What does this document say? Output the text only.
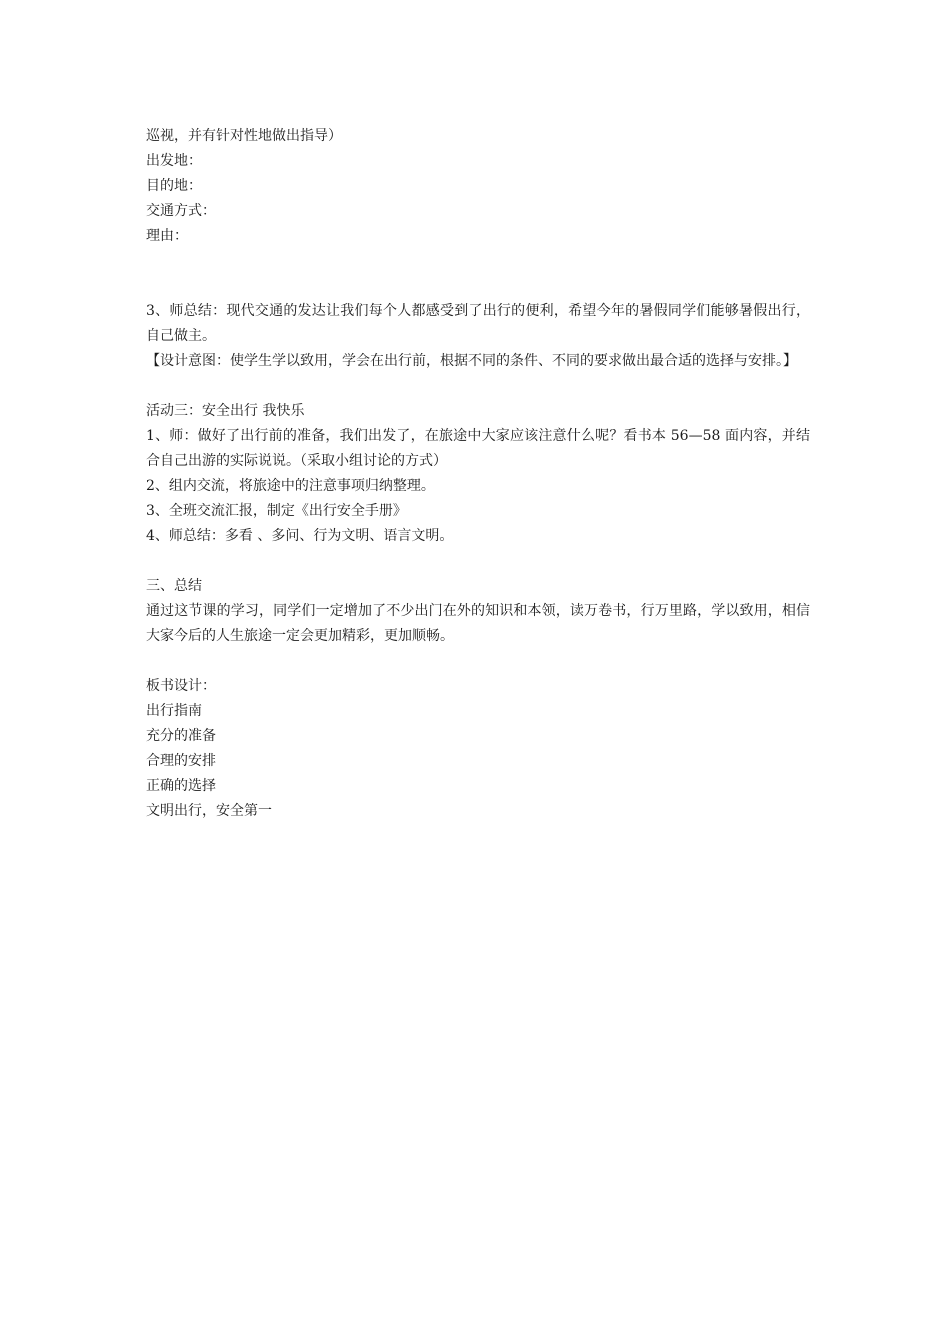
巡视，并有针对性地做出指导）
出发地：
目的地：
交通方式：
理由：
3、师总结：现代交通的发达让我们每个人都感受到了出行的便利，希望今年的暑假同学们能够暑假出行，自己做主。
【设计意图：使学生学以致用，学会在出行前，根据不同的条件、不同的要求做出最合适的选择与安排。】
活动三：安全出行 我快乐
1、师：做好了出行前的准备，我们出发了，在旅途中大家应该注意什么呢？看书本 56—58 面内容，并结合自己出游的实际说说。（采取小组讨论的方式）
2、组内交流，将旅途中的注意事项归纳整理。
3、全班交流汇报，制定《出行安全手册》
4、师总结：多看 、多问、行为文明、语言文明。
三、总结
通过这节课的学习，同学们一定增加了不少出门在外的知识和本领，读万卷书，行万里路，学以致用，相信大家今后的人生旅途一定会更加精彩，更加顺畅。
板书设计：
出行指南
充分的准备
合理的安排
正确的选择
文明出行，安全第一
